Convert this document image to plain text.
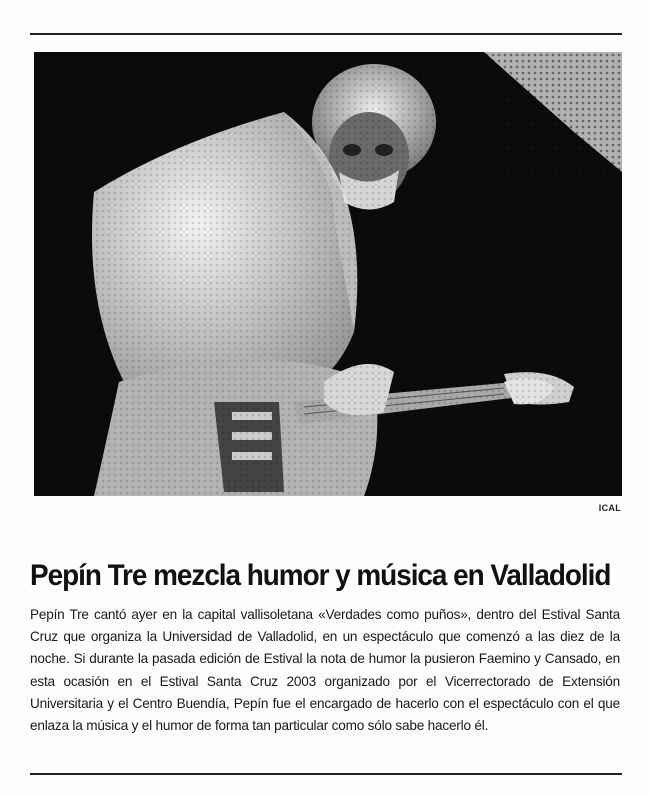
ICAL
Pepín Tre mezcla humor y música en Valladolid

Pepín Tre cantó ayer en la capital vallisoletana «Verdades como puños», dentro del Estival Santa Cruz que organiza la Universidad de Valladolid, en un espectáculo que comenzó a las diez de la noche. Si durante la pasada edición de Estival la nota de humor la pusieron Faemino y Cansado, en esta ocasión en el Estival Santa Cruz 2003 organizado por el Vicerrectorado de Extensión Universitaria y el Centro Buendía, Pepín fue el encargado de hacerlo con el espectáculo con el que enlaza la música y el humor de forma tan particular como sólo sabe hacerlo él.
